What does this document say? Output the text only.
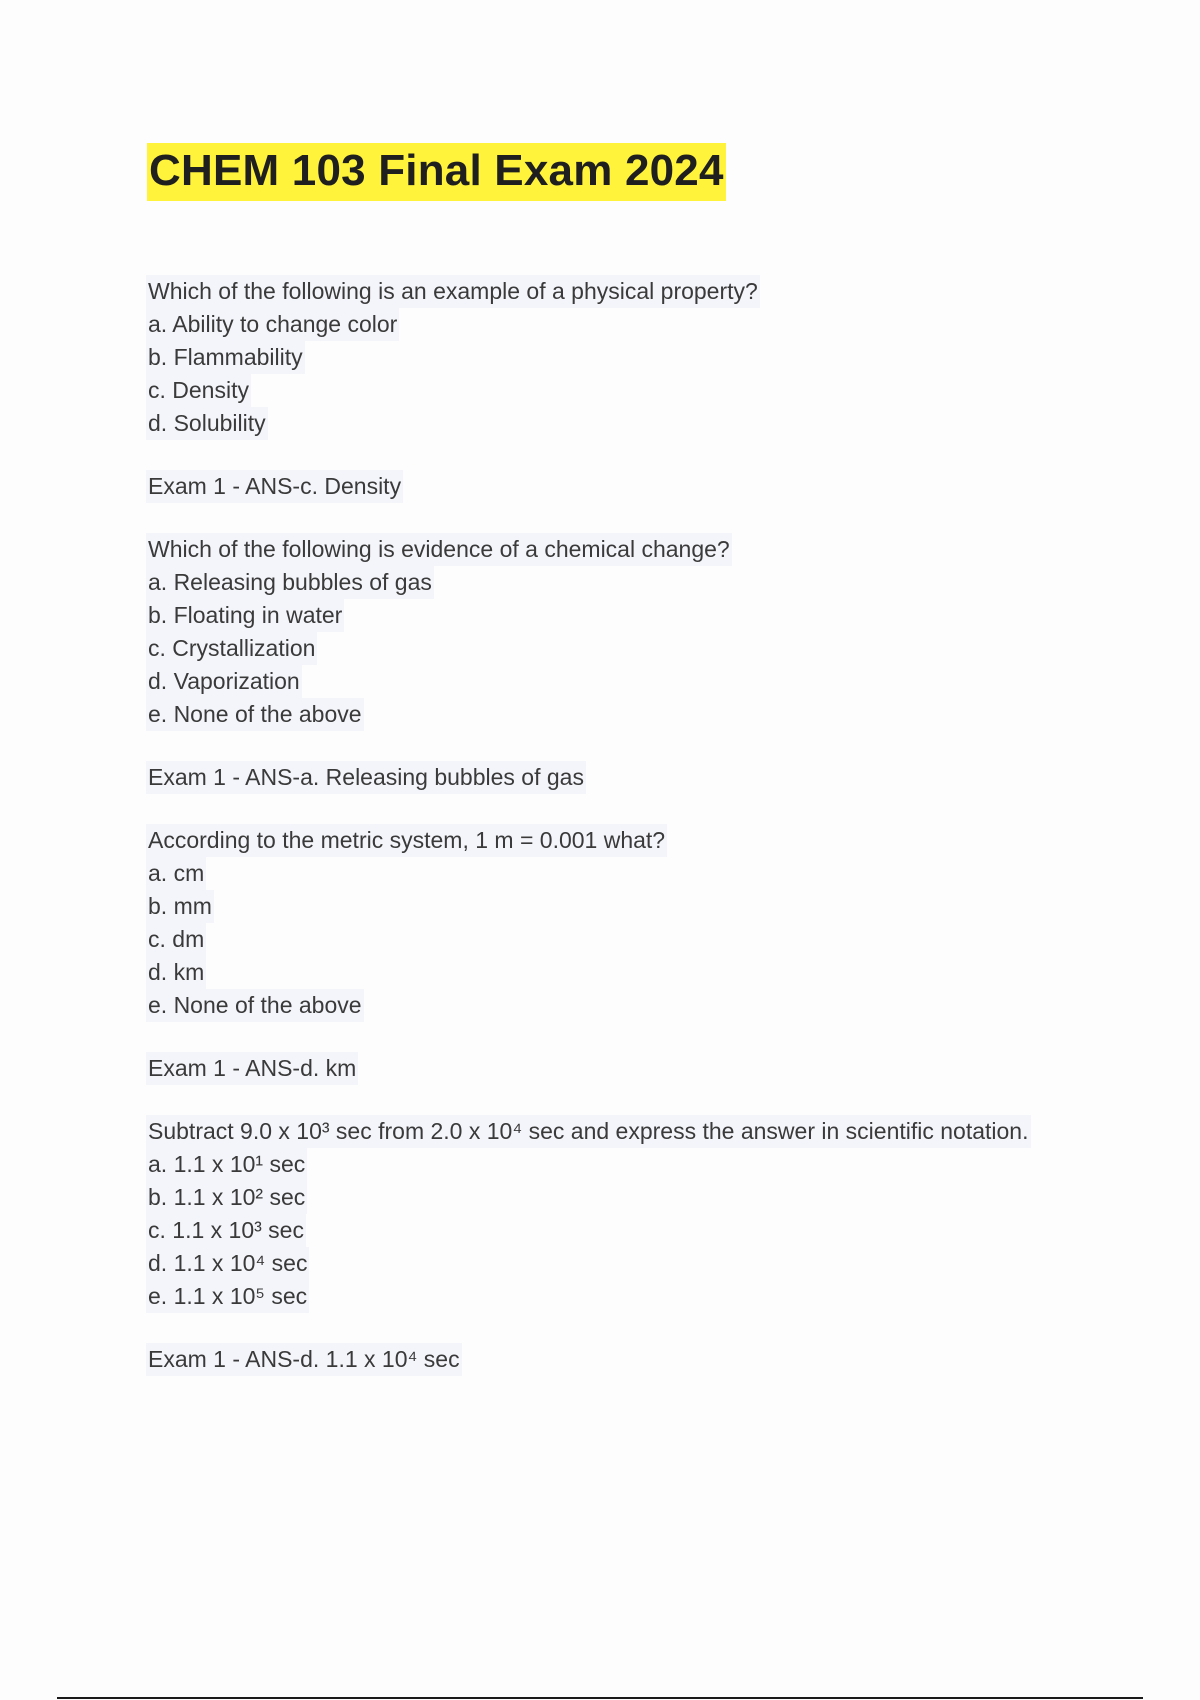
CHEM 103 Final Exam 2024

Which of the following is an example of a physical property?

a. Ability to change color
b. Flammability
c. Density
d. Solubility
Exam 1 - ANS-c. Density

Which of the following is evidence of a chemical change?

a. Releasing bubbles of gas
b. Floating in water
c. Crystallization
d. Vaporization
e. None of the above
Exam 1 - ANS-a. Releasing bubbles of gas

According to the metric system, 1 m = 0.001 what?

a. cm
b. mm
c. dm
d. km
e. None of the above
Exam 1 - ANS-d. km

Subtract 9.0 x 10³ sec from 2.0 x 10⁴ sec and express the answer in scientific notation.

a. 1.1 x 10¹ sec
b. 1.1 x 10² sec
c. 1.1 x 10³ sec
d. 1.1 x 10⁴ sec
e. 1.1 x 10⁵ sec
Exam 1 - ANS-d. 1.1 x 10⁴ sec
